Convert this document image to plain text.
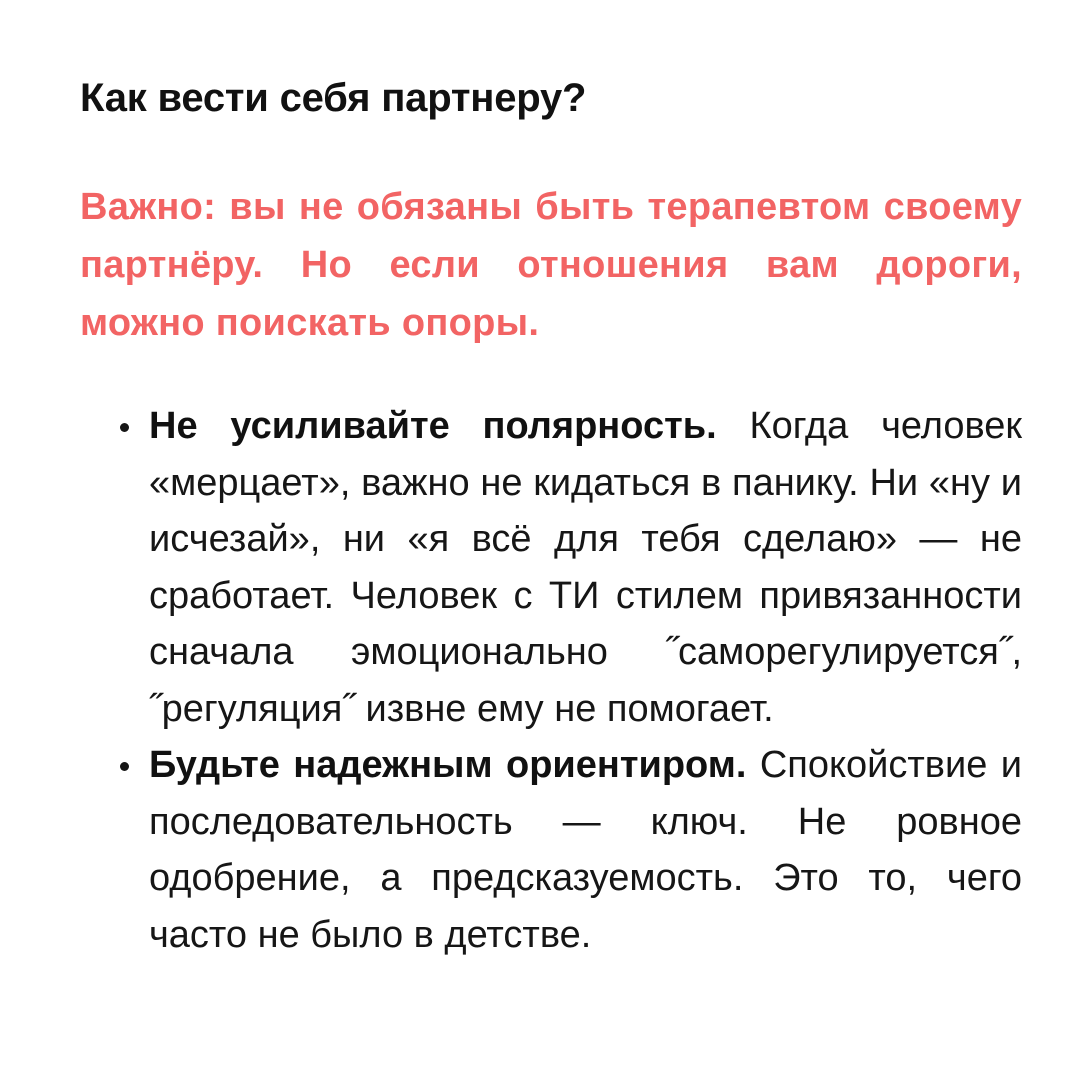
Как вести себя партнеру?

Важно: вы не обязаны быть терапевтом своему партнёру. Но если отношения вам дороги, можно поискать опоры.

Не усиливайте полярность. Когда человек «мерцает», важно не кидаться в панику. Ни «ну и исчезай», ни «я всё для тебя сделаю» — не сработает. Человек с ТИ стилем привязанности сначала эмоционально ˝саморегулируется˝, ˝регуляция˝ извне ему не помогает.
Будьте надежным ориентиром. Спокойствие и последовательность — ключ. Не ровное одобрение, а предсказуемость. Это то, чего часто не было в детстве.
